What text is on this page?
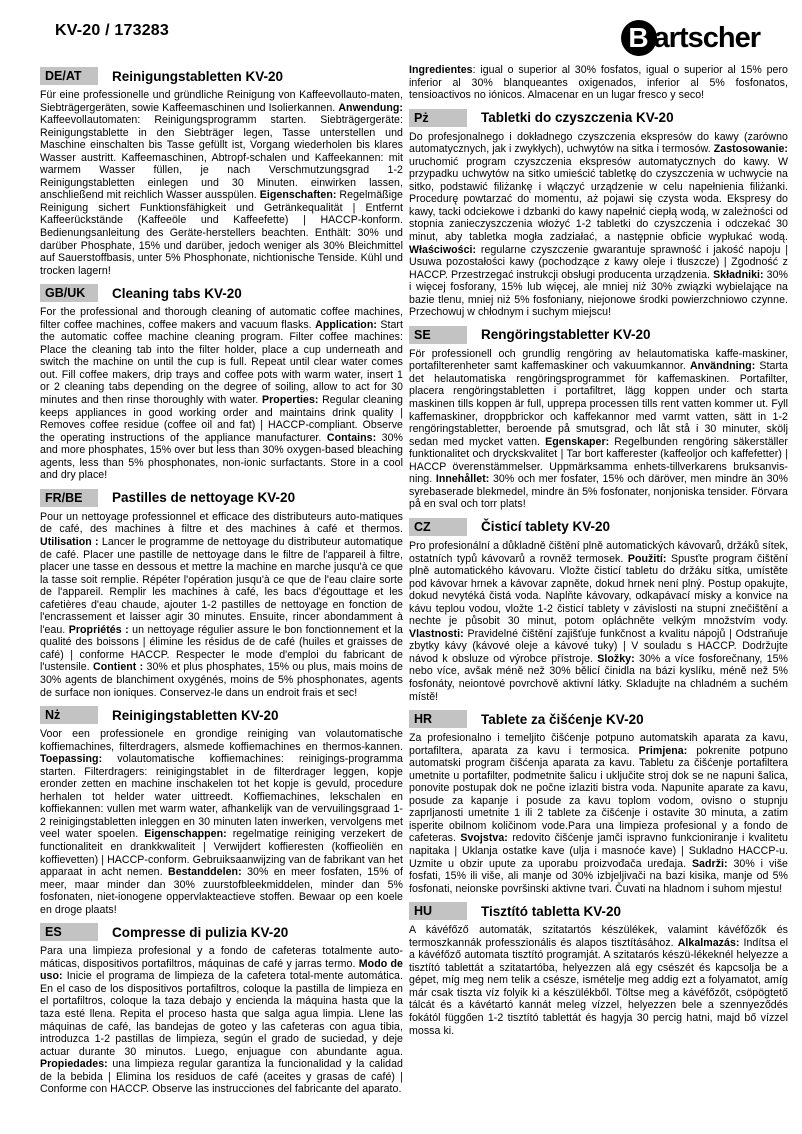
KV-20 / 173283	B artscher
DE/AT	Reinigungstabletten KV-20

Für eine professionelle und gründliche Reinigung von Kaffeevollauto-maten, Siebträgergeräten, sowie Kaffeemaschinen und Isolierkannen. Anwendung: Kaffeevollautomaten: Reinigungsprogramm starten. Siebträgergeräte: Reinigungstablette in den Siebträger legen, Tasse unterstellen und Maschine einschalten bis Tasse gefüllt ist, Vorgang wiederholen bis klares Wasser austritt. Kaffeemaschinen, Abtropf-schalen und Kaffeekannen: mit warmem Wasser füllen, je nach Verschmutzungsgrad 1-2 Reinigungstabletten einlegen und 30 Minuten. einwirken lassen, anschließend mit reichlich Wasser ausspülen. Eigenschaften: Regelmäßige Reinigung sichert Funktionsfähigkeit und Getränkequalität | Entfernt Kaffeerückstände (Kaffeeöle und Kaffeefette) | HACCP-konform. Bedienungsanleitung des Geräte-herstellers beachten. Enthält: 30% und darüber Phosphate, 15% und darüber, jedoch weniger als 30% Bleichmittel auf Sauerstoffbasis, unter 5% Phosphonate, nichtionische Tenside. Kühl und trocken lagern!

GB/UK	Cleaning tabs KV-20

For the professional and thorough cleaning of automatic coffee machines, filter coffee machines, coffee makers and vacuum flasks. Application: Start the automatic coffee machine cleaning program. Filter coffee machines: Place the cleaning tab into the filter holder, place a cup underneath and switch the machine on until the cup is full. Repeat until clear water comes out. Fill coffee makers, drip trays and coffee pots with warm water, insert 1 or 2 cleaning tabs depending on the degree of soiling, allow to act for 30 minutes and then rinse thoroughly with water. Properties: Regular cleaning keeps appliances in good working order and maintains drink quality | Removes coffee residue (coffee oil and fat) | HACCP-compliant. Observe the operating instructions of the appliance manufacturer. Contains: 30% and more phosphates, 15% over but less than 30% oxygen-based bleaching agents, less than 5% phosphonates, non-ionic surfactants. Store in a cool and dry place!

FR/BE	Pastilles de nettoyage KV-20

Pour un nettoyage professionnel et efficace des distributeurs auto-matiques de café, des machines à filtre et des machines à café et thermos. Utilisation : Lancer le programme de nettoyage du distributeur automatique de café. Placer une pastille de nettoyage dans le filtre de l'appareil à filtre, placer une tasse en dessous et mettre la machine en marche jusqu'à ce que la tasse soit remplie. Répéter l'opération jusqu'à ce que de l'eau claire sorte de l'appareil. Remplir les machines à café, les bacs d'égouttage et les cafetières d'eau chaude, ajouter 1-2 pastilles de nettoyage en fonction de l'encrassement et laisser agir 30 minutes. Ensuite, rincer abondamment à l'eau. Propriétés : un nettoyage régulier assure le bon fonctionnement et la qualité des boissons | élimine les résidus de de café (huiles et graisses de café) | conforme HACCP. Respecter le mode d'emploi du fabricant de l'ustensile. Contient : 30% et plus phosphates, 15% ou plus, mais moins de 30% agents de blanchiment oxygénés, moins de 5% phosphonates, agents de surface non ioniques. Conservez-le dans un endroit frais et sec!

Nż	Reinigingstabletten KV-20

Voor een professionele en grondige reiniging van volautomatische koffiemachines, filterdragers, alsmede koffiemachines en thermos-kannen. Toepassing: volautomatische koffiemachines: reinigings-programma starten. Filterdragers: reinigingstablet in de filterdrager leggen, kopje eronder zetten en machine inschakelen tot het kopje is gevuld, procedure herhalen tot helder water uittreedt. Koffiemachines, lekschalen en koffiekannen: vullen met warm water, afhankelijk van de vervuilingsgraad 1-2 reinigingstabletten inleggen en 30 minuten laten inwerken, vervolgens met veel water spoelen. Eigenschappen: regelmatige reiniging verzekert de functionaliteit en drankkwaliteit | Verwijdert koffieresten (koffieoliën en koffievetten) | HACCP-conform. Gebruiksaanwijzing van de fabrikant van het apparaat in acht nemen. Bestanddelen: 30% en meer fosfaten, 15% of meer, maar minder dan 30% zuurstofbleekmiddelen, minder dan 5% fosfonaten, niet-ionogene oppervlakteactieve stoffen. Bewaar op een koele en droge plaats!

ES	Compresse di pulizia KV-20

Para una limpieza profesional y a fondo de cafeteras totalmente auto-máticas, dispositivos portafiltros, máquinas de café y jarras termo. Modo de uso: Inicie el programa de limpieza de la cafetera total-mente automática. En el caso de los dispositivos portafiltros, coloque la pastilla de limpieza en el portafiltros, coloque la taza debajo y encienda la máquina hasta que la taza esté llena. Repita el proceso hasta que salga agua limpia. Llene las máquinas de café, las bandejas de goteo y las cafeteras con agua tibia, introduzca 1-2 pastillas de limpieza, según el grado de suciedad, y deje actuar durante 30 minutos. Luego, enjuague con abundante agua. Propiedades: una limpieza regular garantiza la funcionalidad y la calidad de la bebida | Elimina los residuos de café (aceites y grasas de café) | Conforme con HACCP. Observe las instrucciones del fabricante del aparato.

Ingredientes: igual o superior al 30% fosfatos, igual o superior al 15% pero inferior al 30% blanqueantes oxigenados, inferior al 5% fosfonatos, tensioactivos no iónicos. Almacenar en un lugar fresco y seco!

Pż	Tabletki do czyszczenia KV-20

Do profesjonalnego i dokładnego czyszczenia ekspresów do kawy (zarówno automatycznych, jak i zwykłych), uchwytów na sitka i termosów. Zastosowanie: uruchomić program czyszczenia ekspresów automatycznych do kawy. W przypadku uchwytów na sitko umieścić tabletkę do czyszczenia w uchwycie na sitko, podstawić filiżankę i włączyć urządzenie w celu napełnienia filiżanki. Procedurę powtarzać do momentu, aż pojawi się czysta woda. Ekspresy do kawy, tacki odciekowe i dzbanki do kawy napełnić ciepłą wodą, w zależności od stopnia zanieczyszczenia włożyć 1-2 tabletki do czyszczenia i odczekać 30 minut, aby tabletka mogła zadziałać, a następnie obficie wypłukać wodą. Właściwości: regularne czyszczenie gwarantuje sprawność i jakość napoju | Usuwa pozostałości kawy (pochodzące z kawy oleje i tłuszcze) | Zgodność z HACCP. Przestrzegać instrukcji obsługi producenta urządzenia. Składniki: 30% i więcej fosforany, 15% lub więcej, ale mniej niż 30% związki wybielające na bazie tlenu, mniej niż 5% fosfoniany, niejonowe środki powierzchniowo czynne. Przechowuj w chłodnym i suchym miejscu!

SE	Rengöringstabletter KV-20

För professionell och grundlig rengöring av helautomatiska kaffe-maskiner, portafilterenheter samt kaffemaskiner och vakuumkannor. Användning: Starta det helautomatiska rengöringsprogrammet för kaffemaskinen. Portafilter, placera rengöringstabletten i portafiltret, lägg koppen under och starta maskinen tills koppen är full, upprepa processen tills rent vatten kommer ut. Fyll kaffemaskiner, droppbrickor och kaffekannor med varmt vatten, sätt in 1-2 rengöringstabletter, beroende på smutsgrad, och låt stå i 30 minuter, skölj sedan med mycket vatten. Egenskaper: Regelbunden rengöring säkerställer funktionalitet och dryckskvalitet | Tar bort kafferester (kaffeoljor och kaffefetter) | HACCP överenstämmelser. Uppmärksamma enhets-tillverkarens bruksanvis-ning. Innehållet: 30% och mer fosfater, 15% och däröver, men mindre än 30% syrebaserade blekmedel, mindre än 5% fosfonater, nonjoniska tensider. Förvara på en sval och torr plats!

CZ	Čisticí tablety KV-20

Pro profesionální a důkladně čištění plně automatických kávovarů, držáků sítek, ostatních typů kávovarů a rovněž termosek. Použití: Spusťte program čištění plně automatického kávovaru. Vložte čisticí tabletu do držáku sítka, umístěte pod kávovar hrnek a kávovar zapněte, dokud hrnek není plný. Postup opakujte, dokud nevytéká čistá voda. Naplňte kávovary, odkapávací misky a konvice na kávu teplou vodou, vložte 1-2 čisticí tablety v závislosti na stupni znečištění a nechte je působit 30 minut, potom opláchněte velkým množstvím vody. Vlastnosti: Pravidelné čištění zajišťuje funkčnost a kvalitu nápojů | Odstraňuje zbytky kávy (kávové oleje a kávové tuky) | V souladu s HACCP. Dodržujte návod k obsluze od výrobce přístroje. Složky: 30% a více fosforečnany, 15% nebo více, avšak méně než 30% bělicí činidla na bázi kyslíku, méně než 5% fosfonáty, neiontové povrchově aktivní látky. Skladujte na chladném a suchém místě!

HR	Tablete za čišćenje KV-20

Za profesionalno i temeljito čišćenje potpuno automatskih aparata za kavu, portafiltera, aparata za kavu i termosica. Primjena: pokrenite potpuno automatski program čišćenja aparata za kavu. Tabletu za čišćenje portafiltera umetnite u portafilter, podmetnite šalicu i uključite stroj dok se ne napuni šalica, ponovite postupak dok ne počne izlaziti bistra voda. Napunite aparate za kavu, posude za kapanje i posude za kavu toplom vodom, ovisno o stupnju zaprljanosti umetnite 1 ili 2 tablete za čišćenje i ostavite 30 minuta, a zatim isperite obilnom količinom vode.Para una limpieza profesional y a fondo de cafeteras. Svojstva: redovito čišćenje jamči ispravno funkcioniranje i kvalitetu napitaka | Uklanja ostatke kave (ulja i masnoće kave) | Sukladno HACCP-u. Uzmite u obzir upute za uporabu proizvođača uređaja. Sadrži: 30% i više fosfati, 15% ili više, ali manje od 30% izbjeljivači na bazi kisika, manje od 5% fosfonati, neionske površinski aktivne tvari. Čuvati na hladnom i suhom mjestu!

HU	Tisztító tabletta KV-20

A kávéfőző automaták, szitatartós készülékek, valamint kávéfőzők és termoszkannák professzionális és alapos tisztításához. Alkalmazás: Indítsa el a kávéfőző automata tisztító programját. A szitatarós készü-lékeknél helyezze a tisztító tablettát a szitatartóba, helyezzen alá egy csészét és kapcsolja be a gépet, míg meg nem telik a csésze, ismételje meg addig ezt a folyamatot, amíg már csak tiszta víz folyik ki a készülékből. Töltse meg a kávéfőzőt, csöpögtető tálcát és a kávétartó kannát meleg vízzel, helyezzen bele a szennyeződés fokától függően 1-2 tisztító tablettát és hagyja 30 percig hatni, majd bő vízzel mossa ki.
